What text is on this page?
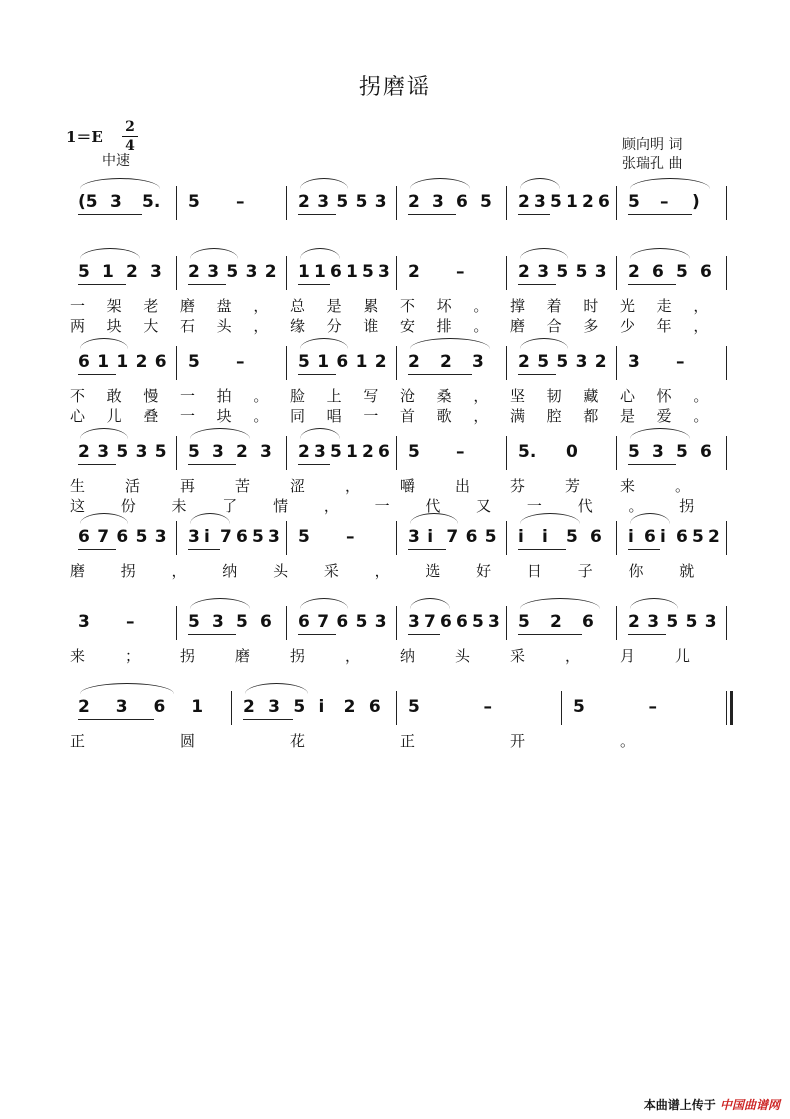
拐磨谣
1＝E
2
4
中速
顾向明 词
张瑞孔 曲
(5 3 5. 5 –	2 3 5 5 3 2 3 6 5 2 3 5 1 2 6 5 – )
5 1 2 3 2 3 5 3 2 1 1 6 1 5 3 2 –	2 3 5 5 3 2 6 5 6
一 架 老 磨 盘 ， 总 是 累 不 坏 。 撑 着 时 光 走 ，
两 块 大 石 头 ， 缘 分 谁 安 排 。 磨 合 多 少 年 ，
6 1 1 2 6 5 –	5 1 6 1 2 2 2 3 2 5 5 3 2 3 –
不 敢 慢 一 拍 。 脸 上 写 沧 桑 ， 坚 韧 藏 心 怀 。
心 儿 叠 一 块 。 同 唱 一 首 歌 ， 满 腔 都 是 爱 。
2 3 5 3 5 5 3 2 3 2 3 5 1 2 6 5 –	5. 0	5 3 5 6
生	活	再	苦	涩	，	嚼	出	芬	芳	来	。
这 份 未 了 情 ， 一 代 又 一 代 。 拐
6 7 6 5 3 3 i 7 6 5 3 5 –	3 i 7 6 5 i i 5 6 i 6 i 6 5 2
磨 拐 ， 纳 头 采 ， 选 好 日 子 你 就
3 –	5 3 5 6 6 7 6 5 3 3 7 6 6 5 3 5 2 6 2 3 5 5 3
来	；	拐	磨	拐	，	纳	头	采	，	月	儿
2 3 6 1 2 3 5 i 2 6 5	–	5	–
正	圆	花	正	开	。
本曲谱上传于 中国曲谱网
